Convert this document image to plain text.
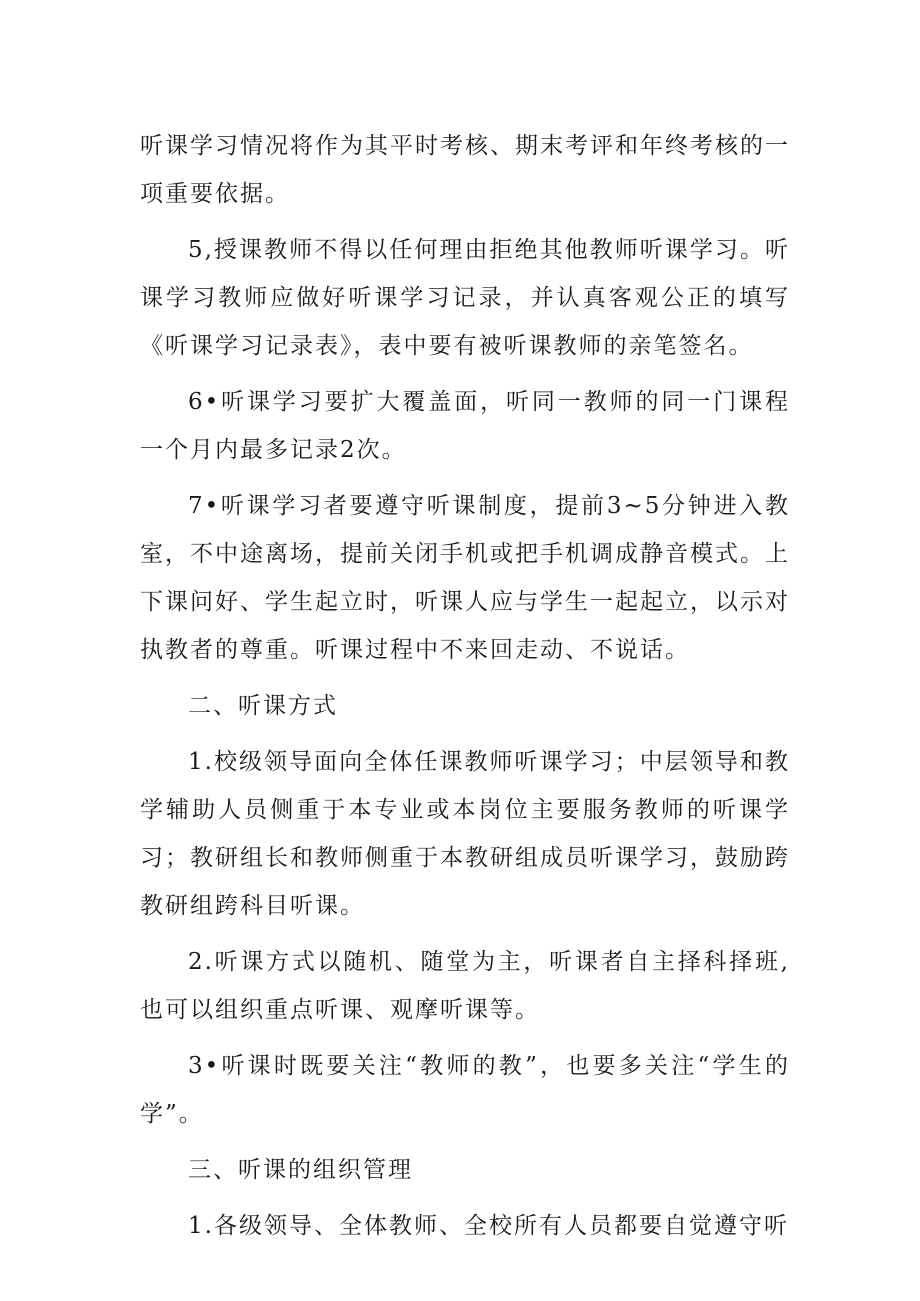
听课学习情况将作为其平时考核、期末考评和年终考核的一项重要依据。

5,授课教师不得以任何理由拒绝其他教师听课学习。听课学习教师应做好听课学习记录，并认真客观公正的填写《听课学习记录表》，表中要有被听课教师的亲笔签名。

6•听课学习要扩大覆盖面，听同一教师的同一门课程一个月内最多记录2次。

7•听课学习者要遵守听课制度，提前3~5分钟进入教室，不中途离场，提前关闭手机或把手机调成静音模式。上下课问好、学生起立时，听课人应与学生一起起立，以示对执教者的尊重。听课过程中不来回走动、不说话。

二、听课方式

1.校级领导面向全体任课教师听课学习；中层领导和教学辅助人员侧重于本专业或本岗位主要服务教师的听课学习；教研组长和教师侧重于本教研组成员听课学习，鼓励跨教研组跨科目听课。

2.听课方式以随机、随堂为主，听课者自主择科择班,也可以组织重点听课、观摩听课等。

3•听课时既要关注“教师的教”，也要多关注“学生的学”。

三、听课的组织管理

1.各级领导、全体教师、全校所有人员都要自觉遵守听
